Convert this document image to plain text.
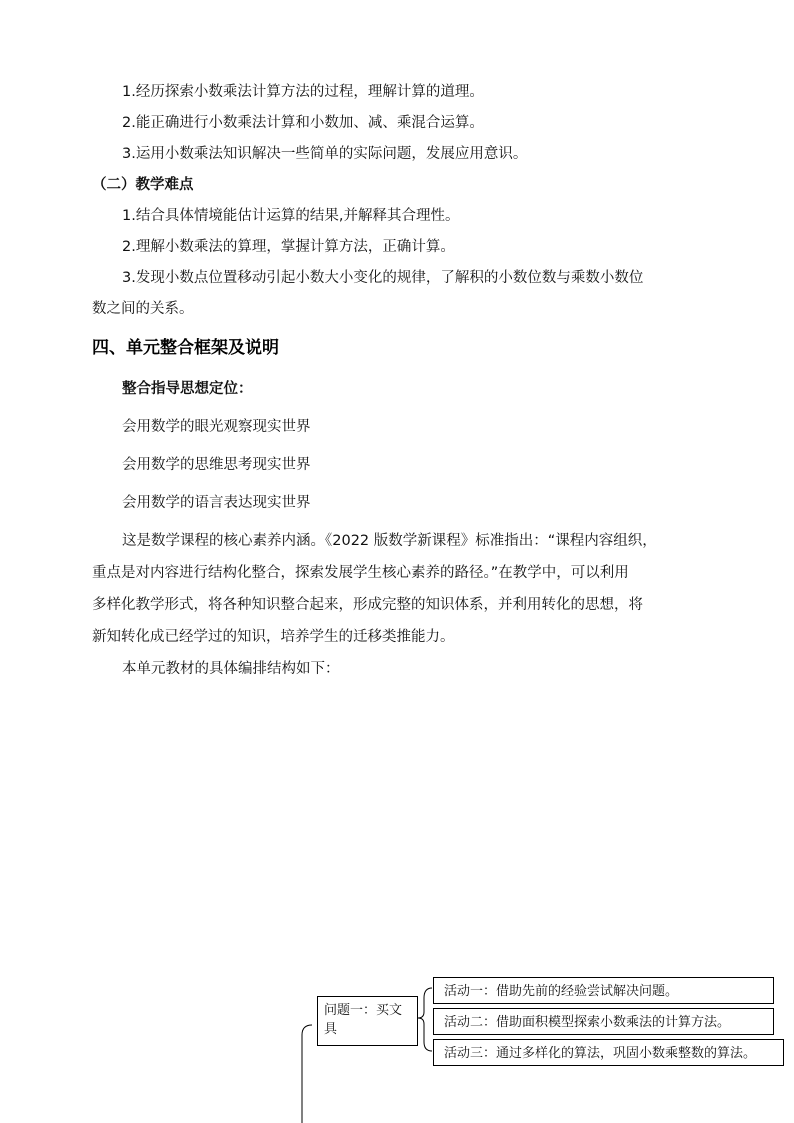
1.经历探索小数乘法计算方法的过程，理解计算的道理。
2.能正确进行小数乘法计算和小数加、减、乘混合运算。
3.运用小数乘法知识解决一些简单的实际问题，发展应用意识。
（二）教学难点
1.结合具体情境能估计运算的结果,并解释其合理性。
2.理解小数乘法的算理，掌握计算方法，正确计算。
3.发现小数点位置移动引起小数大小变化的规律，了解积的小数位数与乘数小数位
数之间的关系。
四、单元整合框架及说明
整合指导思想定位：
会用数学的眼光观察现实世界
会用数学的思维思考现实世界
会用数学的语言表达现实世界
这是数学课程的核心素养内涵。《2022 版数学新课程》标准指出：“课程内容组织，
重点是对内容进行结构化整合，探索发展学生核心素养的路径。”在教学中，可以利用
多样化教学形式，将各种知识整合起来，形成完整的知识体系，并利用转化的思想，将
新知转化成已经学过的知识，培养学生的迁移类推能力。
本单元教材的具体编排结构如下：
问题一：买文具
活动一：借助先前的经验尝试解决问题。
活动二：借助面积模型探索小数乘法的计算方法。
活动三：通过多样化的算法，巩固小数乘整数的算法。
